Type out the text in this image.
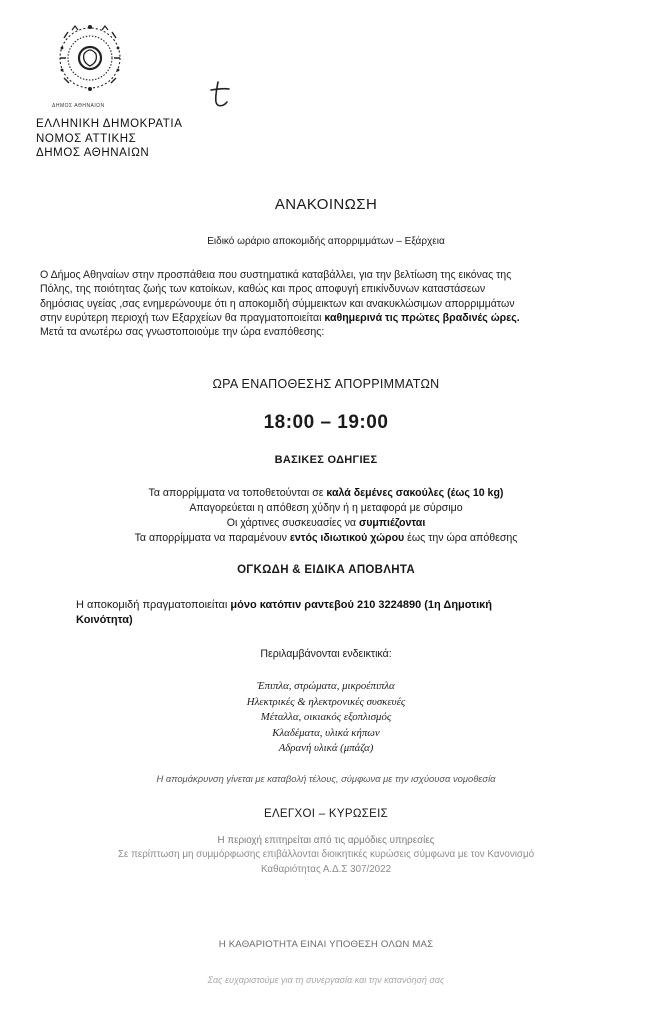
ΔΗΜΟΣ ΑΘΗΝΑΙΩΝ
ΕΛΛΗΝΙΚΗ ΔΗΜΟΚΡΑΤΙΑ
ΝΟΜΟΣ ΑΤΤΙΚΗΣ
ΔΗΜΟΣ ΑΘΗΝΑΙΩΝ
ΑΝΑΚΟΙΝΩΣΗ
Ειδικό ωράριο αποκομιδής απορριμμάτων – Εξάρχεια
Ο Δήμος Αθηναίων στην προσπάθεια που συστηματικά καταβάλλει, για την βελτίωση της εικόνας της
Πόλης, της ποιότητας ζωής των κατοίκων, καθώς και προς αποφυγή επικίνδυνων καταστάσεων
δημόσιας υγείας ,σας ενημερώνουμε ότι η αποκομιδή σύμμεικτων και ανακυκλώσιμων απορριμμάτων
στην ευρύτερη περιοχή των Εξαρχείων θα πραγματοποιείται καθημερινά τις πρώτες βραδινές ώρες.
Μετά τα ανωτέρω σας γνωστοποιούμε την ώρα εναπόθεσης:
ΩΡΑ ΕΝΑΠΟΘΕΣΗΣ ΑΠΟΡΡΙΜΜΑΤΩΝ
18:00 – 19:00
ΒΑΣΙΚΕΣ ΟΔΗΓΙΕΣ
Τα απορρίμματα να τοποθετούνται σε καλά δεμένες σακούλες (έως 10 kg)
Απαγορεύεται η απόθεση χύδην ή η μεταφορά με σύρσιμο
Οι χάρτινες συσκευασίες να συμπιέζονται
Τα απορρίμματα να παραμένουν εντός ιδιωτικού χώρου έως την ώρα απόθεσης
ΟΓΚΩΔΗ & ΕΙΔΙΚΑ ΑΠΟΒΛΗΤΑ
Η αποκομιδή πραγματοποιείται μόνο κατόπιν ραντεβού 210 3224890 (1η Δημοτική
Κοινότητα)
Περιλαμβάνονται ενδεικτικά:
Έπιπλα, στρώματα, μικροέπιπλα
Ηλεκτρικές & ηλεκτρονικές συσκευές
Μέταλλα, οικιακός εξοπλισμός
Κλαδέματα, υλικά κήπων
Αδρανή υλικά (μπάζα)
Η απομάκρυνση γίνεται με καταβολή τέλους, σύμφωνα με την ισχύουσα νομοθεσία
ΕΛΕΓΧΟΙ – ΚΥΡΩΣΕΙΣ
Η περιοχή επιτηρείται από τις αρμόδιες υπηρεσίες
Σε περίπτωση μη συμμόρφωσης επιβάλλονται διοικητικές κυρώσεις σύμφωνα με τον Κανονισμό
Καθαριότητας Α.Δ.Σ 307/2022
Η ΚΑΘΑΡΙΟΤΗΤΑ ΕΙΝΑΙ ΥΠΟΘΕΣΗ ΟΛΩΝ ΜΑΣ
Σας ευχαριστούμε για τη συνεργασία και την κατανόησή σας
